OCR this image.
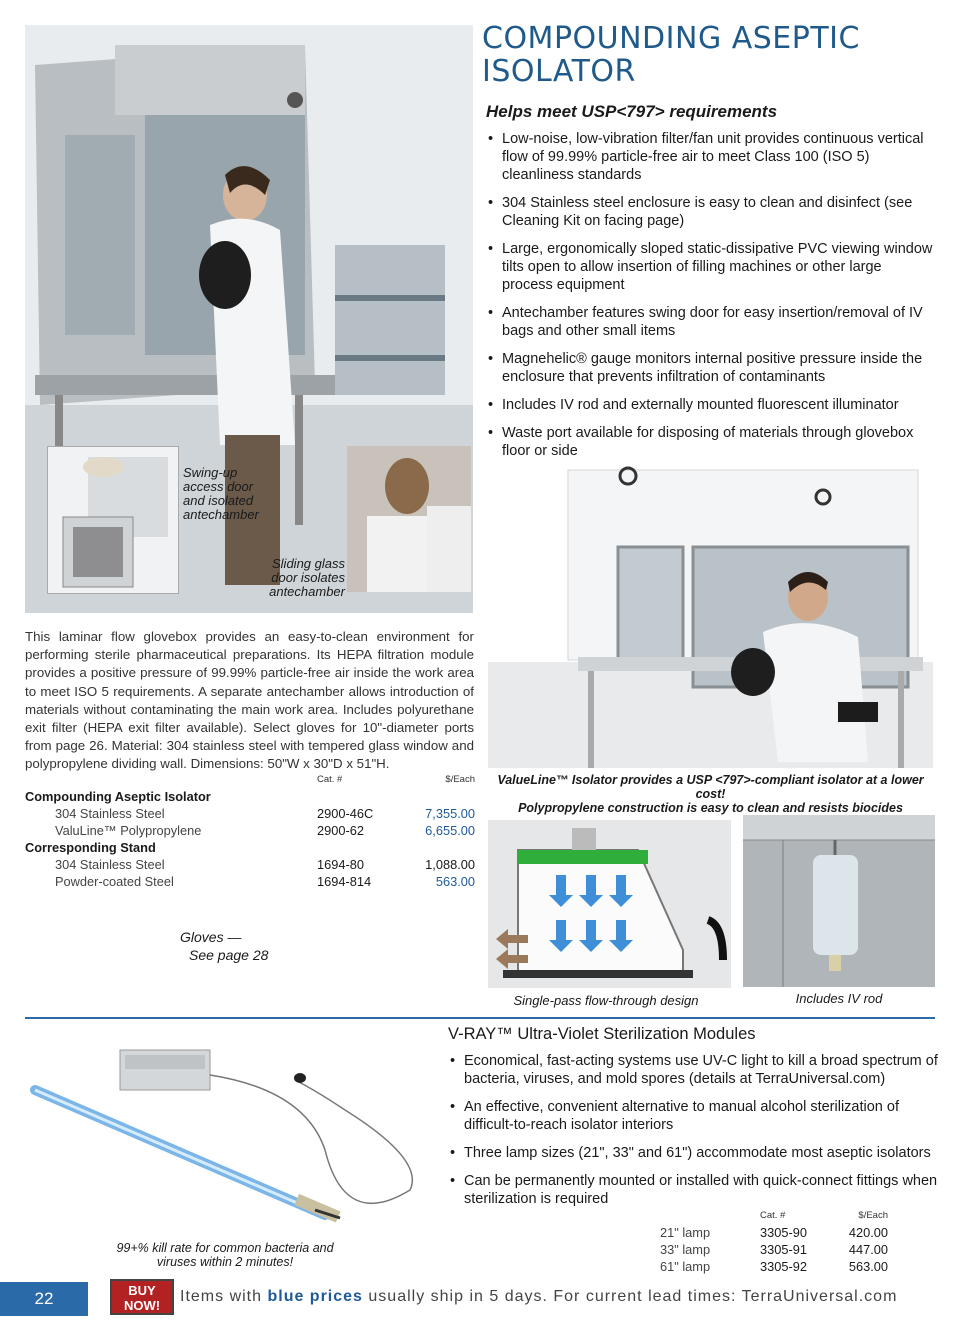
Swing-up access door and isolated antechamber
Sliding glass door isolates antechamber
COMPOUNDING ASEPTIC
ISOLATOR
Helps meet USP<797> requirements
• Low-noise, low-vibration filter/fan unit provides continuous vertical flow of 99.99% particle-free air to meet Class 100 (ISO 5) cleanliness standards
• 304 Stainless steel enclosure is easy to clean and disinfect (see Cleaning Kit on facing page)
• Large, ergonomically sloped static-dissipative PVC viewing window tilts open to allow insertion of filling machines or other large process equipment
• Antechamber features swing door for easy insertion/removal of IV bags and other small items
• Magnehelic® gauge monitors internal positive pressure inside the enclosure that prevents infiltration of contaminants
• Includes IV rod and externally mounted fluorescent illuminator
• Waste port available for disposing of materials through glovebox floor or side
ValueLine™ Isolator provides a USP <797>-compliant isolator at a lower cost!
Polypropylene construction is easy to clean and resists biocides
This laminar flow glovebox provides an easy-to-clean environment for performing sterile pharmaceutical preparations. Its HEPA filtration module provides a positive pressure of 99.99% particle-free air inside the work area to meet ISO 5 requirements. A separate antechamber allows introduction of materials without contaminating the main work area. Includes polyurethane exit filter (HEPA exit filter available). Select gloves for 10"-diameter ports from page 26. Material: 304 stainless steel with tempered glass window and polypropylene dividing wall. Dimensions: 50"W x 30"D x 51"H.
	Cat. #	$/Each
Compounding Aseptic Isolator		
304 Stainless Steel	2900-46C	7,355.00
ValuLine™ Polypropylene	2900-62	6,655.00
Corresponding Stand		
304 Stainless Steel	1694-80	1,088.00
Powder-coated Steel	1694-814	563.00
Gloves —
See page 28
Single-pass flow-through design	Includes IV rod
99+% kill rate for common bacteria and
viruses within 2 minutes!
V-RAY™ Ultra-Violet Sterilization Modules
• Economical, fast-acting systems use UV-C light to kill a broad spectrum of bacteria, viruses, and mold spores (details at TerraUniversal.com)
• An effective, convenient alternative to manual alcohol sterilization of difficult-to-reach isolator interiors
• Three lamp sizes (21", 33" and 61") accommodate most aseptic isolators
• Can be permanently mounted or installed with quick-connect fittings when sterilization is required
	Cat. #	$/Each
21" lamp	3305-90	420.00
33" lamp	3305-91	447.00
61" lamp	3305-92	563.00
22	BUY
NOW!
Items with blue prices usually ship in 5 days. For current lead times: TerraUniversal.com
